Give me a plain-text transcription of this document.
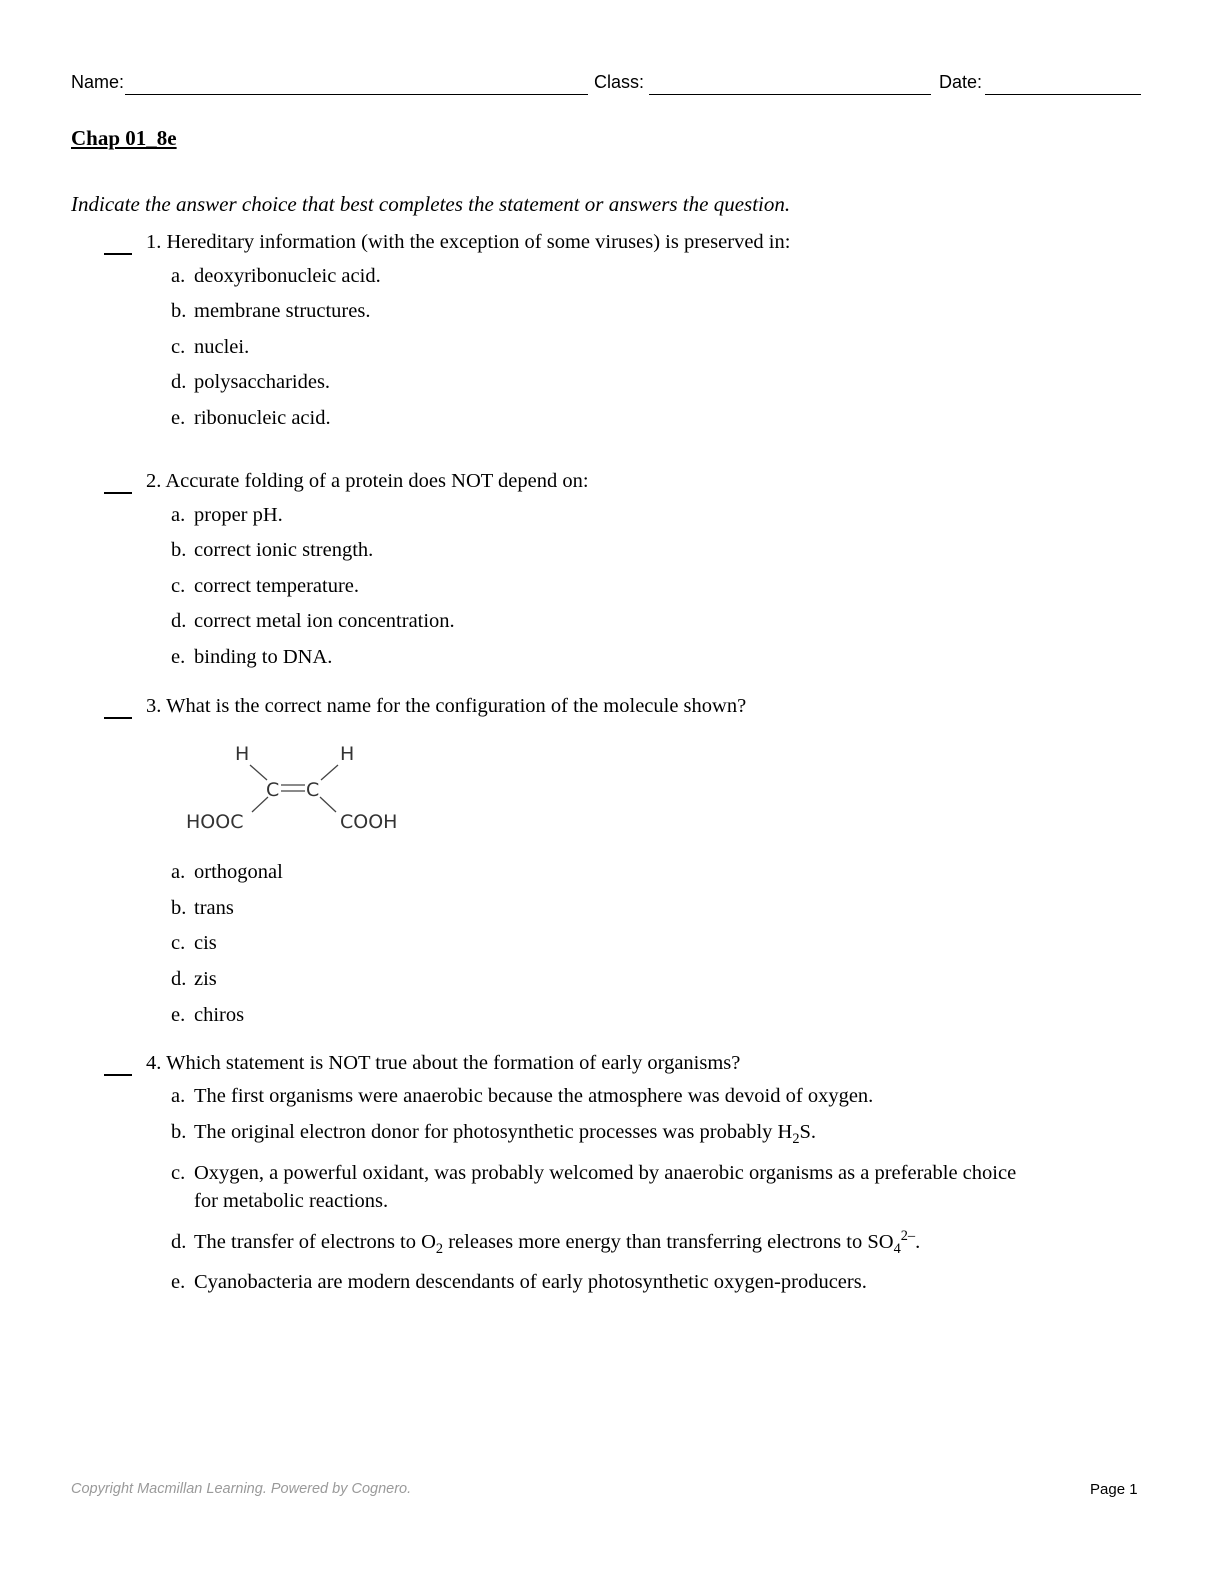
Name:	Class:	Date:
Chap 01_8e
Indicate the answer choice that best completes the statement or answers the question.
1. Hereditary information (with the exception of some viruses) is preserved in:
a. deoxyribonucleic acid.
b. membrane structures.
c. nuclei.
d. polysaccharides.
e. ribonucleic acid.
2. Accurate folding of a protein does NOT depend on:
a. proper pH.
b. correct ionic strength.
c. correct temperature.
d. correct metal ion concentration.
e. binding to DNA.
3. What is the correct name for the configuration of the molecule shown?
H	H
C C
HOOC	COOH
a. orthogonal
b. trans
c. cis
d. zis
e. chiros
4. Which statement is NOT true about the formation of early organisms?
a. The first organisms were anaerobic because the atmosphere was devoid of oxygen.
b. The original electron donor for photosynthetic processes was probably $H_2S$.
c. Oxygen, a powerful oxidant, was probably welcomed by anaerobic organisms as a preferable choice
for metabolic reactions.
d. The transfer of electrons to $O_2$ releases more energy than transferring electrons to $SO_4^{2-}$.
e. Cyanobacteria are modern descendants of early photosynthetic oxygen-producers.
Copyright Macmillan Learning. Powered by Cognero.	Page 1
